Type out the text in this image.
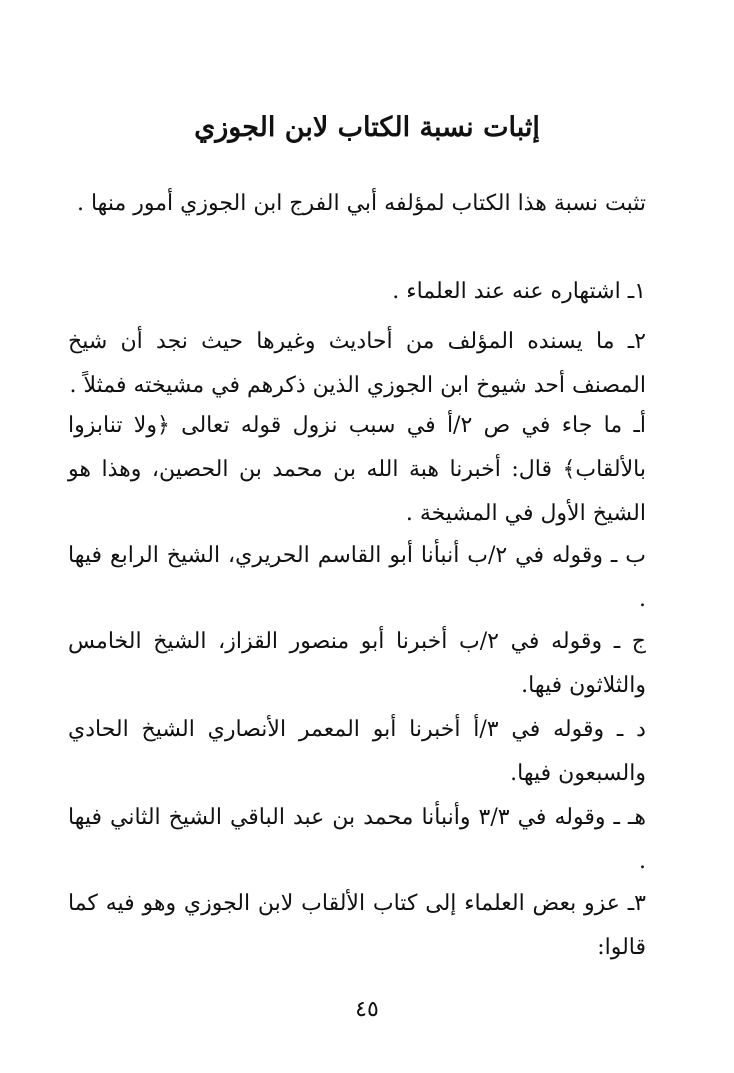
إثبات نسبة الكتاب لابن الجوزي

تثبت نسبة هذا الكتاب لمؤلفه أبي الفرج ابن الجوزي أمور منها .

١ـ اشتهاره عنه عند العلماء .

٢ـ ما يسنده المؤلف من أحاديث وغيرها حيث نجد أن شيخ المصنف أحد شيوخ ابن الجوزي الذين ذكرهم في مشيخته فمثلاً .

أـ ما جاء في ص ٢/أ في سبب نزول قوله تعالى ﴿ولا تنابزوا بالألقاب﴾ قال: أخبرنا هبة الله بن محمد بن الحصين، وهذا هو الشيخ الأول في المشيخة .

ب ـ وقوله في ٢/ب أنبأنا أبو القاسم الحريري، الشيخ الرابع فيها .

ج ـ وقوله في ٢/ب أخبرنا أبو منصور القزاز، الشيخ الخامس والثلاثون فيها.

د ـ وقوله في ٣/أ أخبرنا أبو المعمر الأنصاري الشيخ الحادي والسبعون فيها.

هـ ـ وقوله في ٣/٣ وأنبأنا محمد بن عبد الباقي الشيخ الثاني فيها .

٣ـ عزو بعض العلماء إلى كتاب الألقاب لابن الجوزي وهو فيه كما قالوا:

٤٥
